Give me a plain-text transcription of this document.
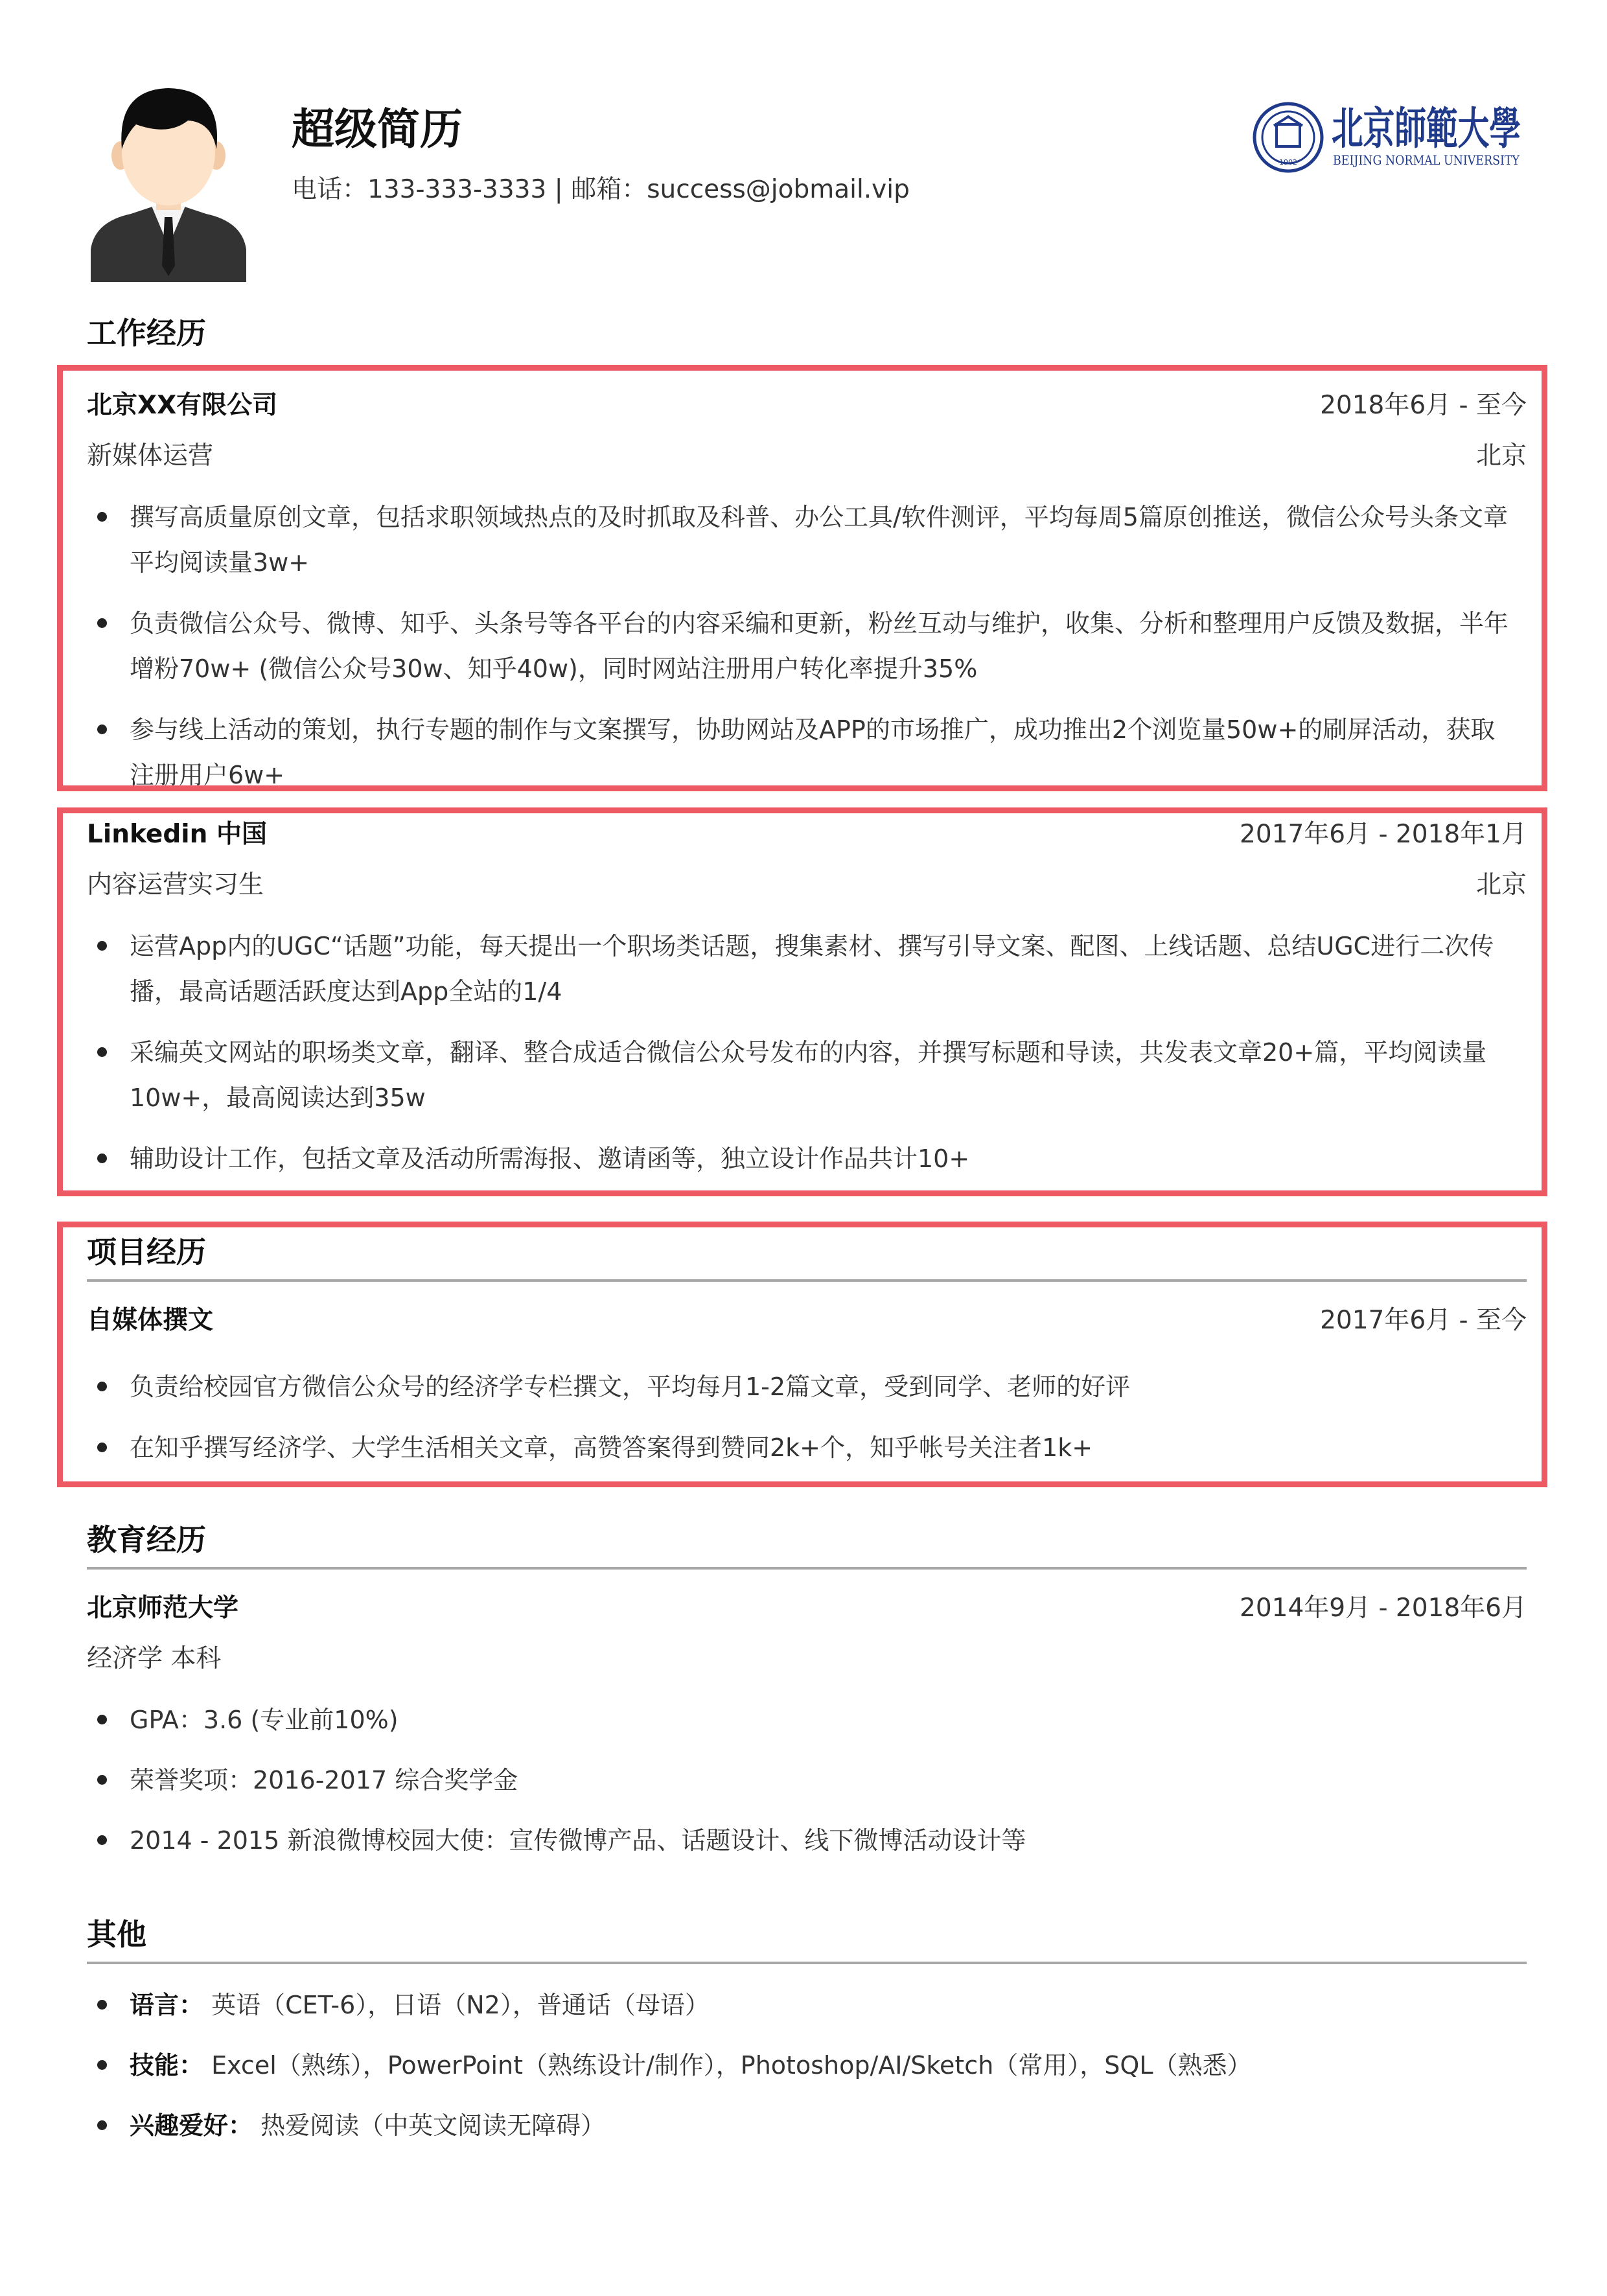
超级简历
电话：133-333-3333 | 邮箱：success@jobmail.vip
1902
北京師範大學
BEIJING NORMAL UNIVERSITY
工作经历
北京XX有限公司	2018年6月 - 至今
新媒体运营	北京
撰写高质量原创文章，包括求职领域热点的及时抓取及科普、办公工具/软件测评，平均每周5篇原创推送，微信公众号头条文章平均阅读量3w+
负责微信公众号、微博、知乎、头条号等各平台的内容采编和更新，粉丝互动与维护，收集、分析和整理用户反馈及数据，半年增粉70w+ (微信公众号30w、知乎40w)，同时网站注册用户转化率提升35%
参与线上活动的策划，执行专题的制作与文案撰写，协助网站及APP的市场推广，成功推出2个浏览量50w+的刷屏活动，获取注册用户6w+
Linkedin 中国	2017年6月 - 2018年1月
内容运营实习生	北京
运营App内的UGC“话题”功能，每天提出一个职场类话题，搜集素材、撰写引导文案、配图、上线话题、总结UGC进行二次传播，最高话题活跃度达到App全站的1/4
采编英文网站的职场类文章，翻译、整合成适合微信公众号发布的内容，并撰写标题和导读，共发表文章20+篇，平均阅读量10w+，最高阅读达到35w
辅助设计工作，包括文章及活动所需海报、邀请函等，独立设计作品共计10+
项目经历
自媒体撰文	2017年6月 - 至今
负责给校园官方微信公众号的经济学专栏撰文，平均每月1-2篇文章，受到同学、老师的好评
在知乎撰写经济学、大学生活相关文章，高赞答案得到赞同2k+个，知乎帐号关注者1k+
教育经历
北京师范大学	2014年9月 - 2018年6月
经济学 本科
GPA：3.6 (专业前10%)
荣誉奖项：2016-2017 综合奖学金
2014 - 2015 新浪微博校园大使：宣传微博产品、话题设计、线下微博活动设计等
其他
语言： 英语（CET-6），日语（N2），普通话（母语）
技能： Excel（熟练），PowerPoint（熟练设计/制作），Photoshop/AI/Sketch（常用），SQL（熟悉）
兴趣爱好： 热爱阅读（中英文阅读无障碍）
